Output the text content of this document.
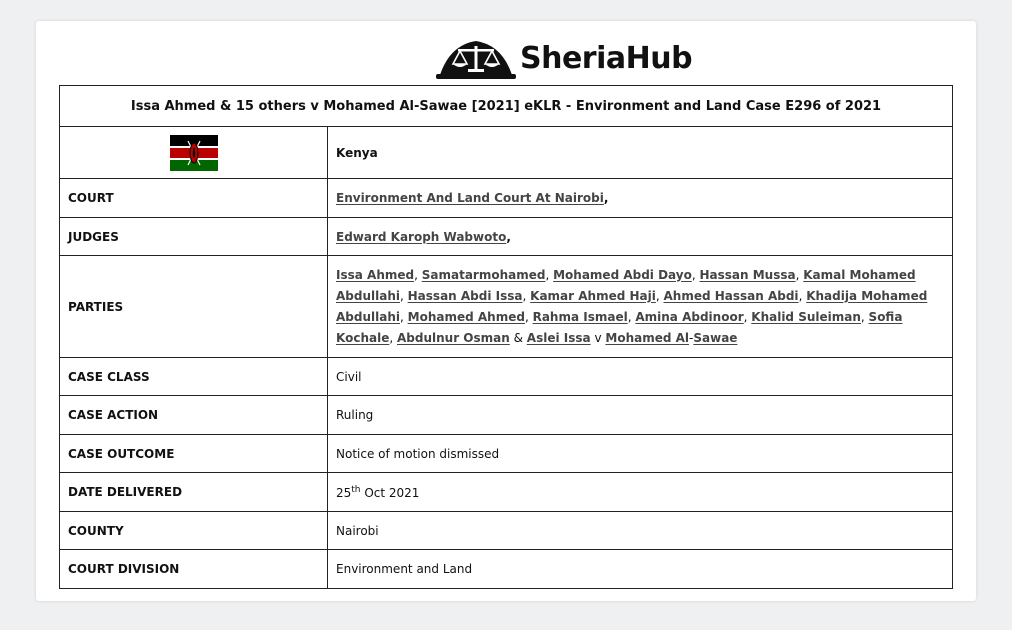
SheriaHub
Issa Ahmed & 15 others v Mohamed Al-Sawae [2021] eKLR - Environment and Land Case E296 of 2021	
	Kenya
COURT	Environment And Land Court At Nairobi,
JUDGES	Edward Karoph Wabwoto,
PARTIES	Issa Ahmed, Samatarmohamed, Mohamed Abdi Dayo, Hassan Mussa, Kamal Mohamed Abdullahi, Hassan Abdi Issa, Kamar Ahmed Haji, Ahmed Hassan Abdi, Khadija Mohamed Abdullahi, Mohamed Ahmed, Rahma Ismael, Amina Abdinoor, Khalid Suleiman, Sofia Kochale, Abdulnur Osman & Aslei Issa v Mohamed Al-Sawae
CASE CLASS	Civil
CASE ACTION	Ruling
CASE OUTCOME	Notice of motion dismissed
DATE DELIVERED	25th Oct 2021
COUNTY	Nairobi
COURT DIVISION	Environment and Land
